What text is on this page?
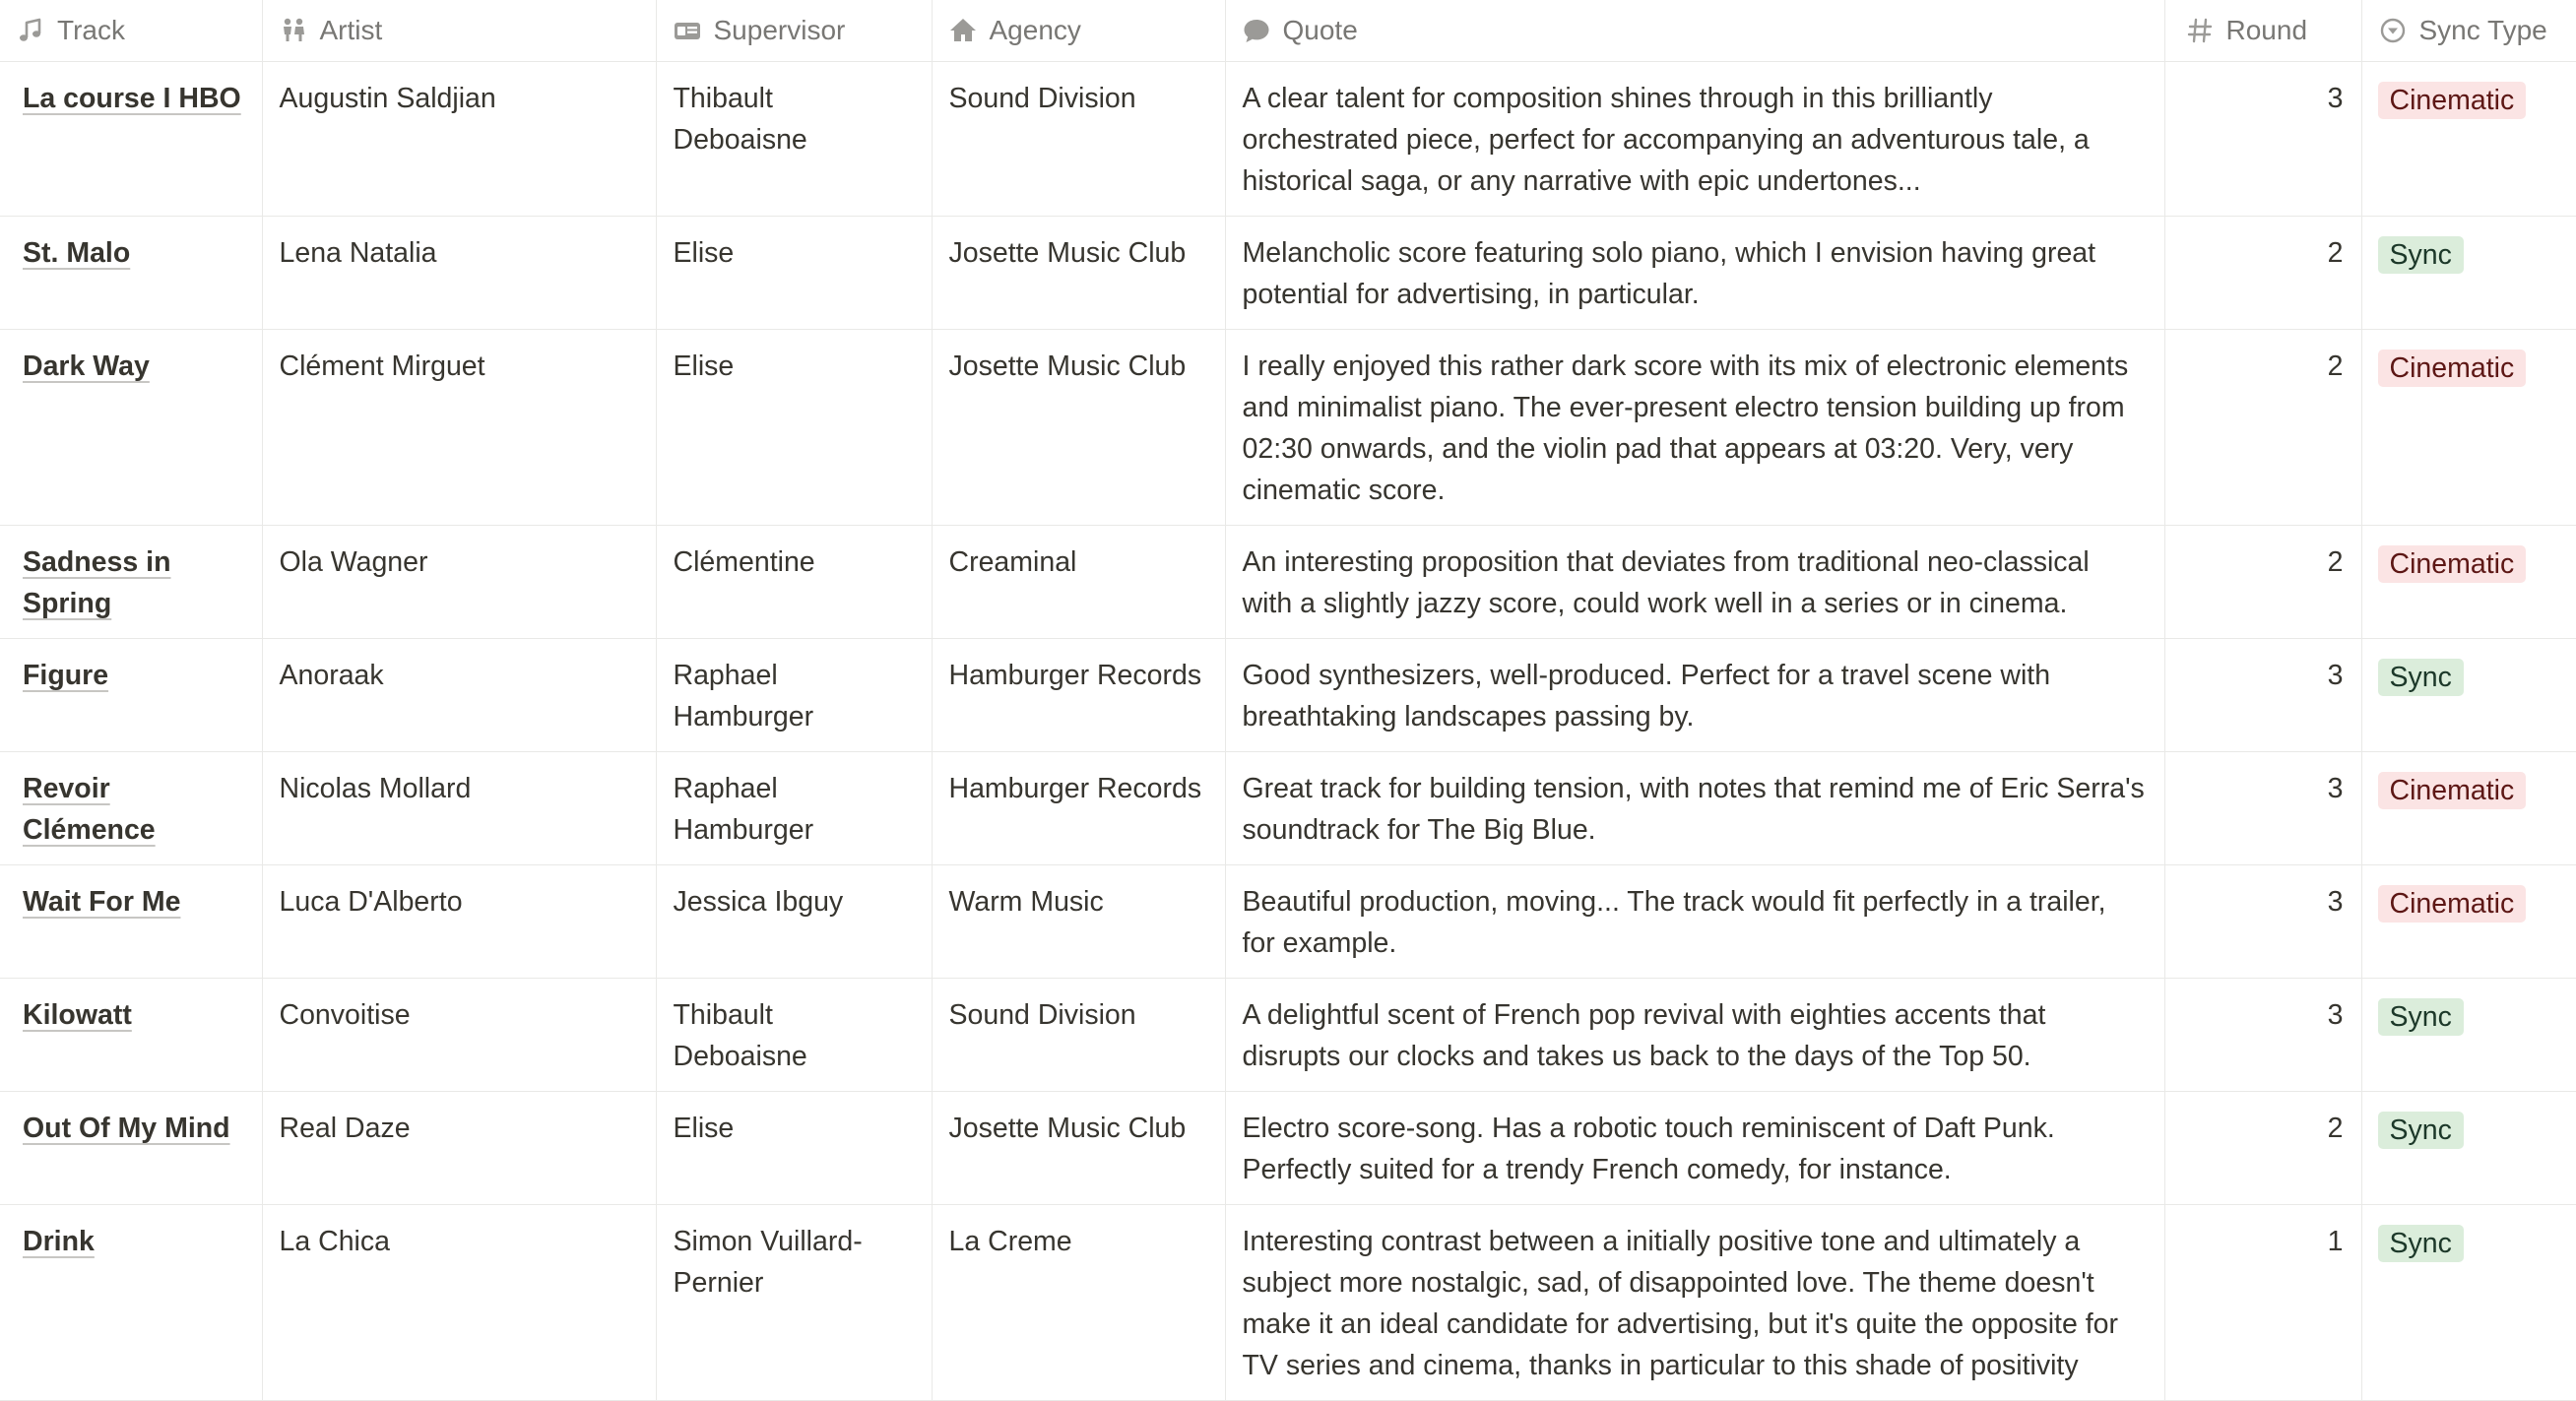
Track	Artist	Supervisor	Agency	Quote	Round	Sync Type

La course I HBO	Augustin Saldjian	Thibault Deboaisne	Sound Division	A clear talent for composition shines through in this brilliantly orchestrated piece, perfect for accompanying an adventurous tale, a historical saga, or any narrative with epic undertones...	3	Cinematic

St. Malo	Lena Natalia	Elise	Josette Music Club	Melancholic score featuring solo piano, which I envision having great potential for advertising, in particular.	2	Sync

Dark Way	Clément Mirguet	Elise	Josette Music Club	I really enjoyed this rather dark score with its mix of electronic elements and minimalist piano. The ever-present electro tension building up from 02:30 onwards, and the violin pad that appears at 03:20. Very, very cinematic score.	2	Cinematic

Sadness in Spring	Ola Wagner	Clémentine	Creaminal	An interesting proposition that deviates from traditional neo-classical with a slightly jazzy score, could work well in a series or in cinema.	2	Cinematic

Figure	Anoraak	Raphael Hamburger	Hamburger Records	Good synthesizers, well-produced. Perfect for a travel scene with breathtaking landscapes passing by.	3	Sync

Revoir Clémence	Nicolas Mollard	Raphael Hamburger	Hamburger Records	Great track for building tension, with notes that remind me of Eric Serra's soundtrack for The Big Blue.	3	Cinematic

Wait For Me	Luca D'Alberto	Jessica Ibguy	Warm Music	Beautiful production, moving... The track would fit perfectly in a trailer, for example.	3	Cinematic

Kilowatt	Convoitise	Thibault Deboaisne	Sound Division	A delightful scent of French pop revival with eighties accents that disrupts our clocks and takes us back to the days of the Top 50.	3	Sync

Out Of My Mind	Real Daze	Elise	Josette Music Club	Electro score-song. Has a robotic touch reminiscent of Daft Punk. Perfectly suited for a trendy French comedy, for instance.	2	Sync

Drink	La Chica	Simon Vuillard-Pernier	La Creme	Interesting contrast between a initially positive tone and ultimately a subject more nostalgic, sad, of disappointed love. The theme doesn't make it an ideal candidate for advertising, but it's quite the opposite for TV series and cinema, thanks in particular to this shade of positivity	1	Sync
